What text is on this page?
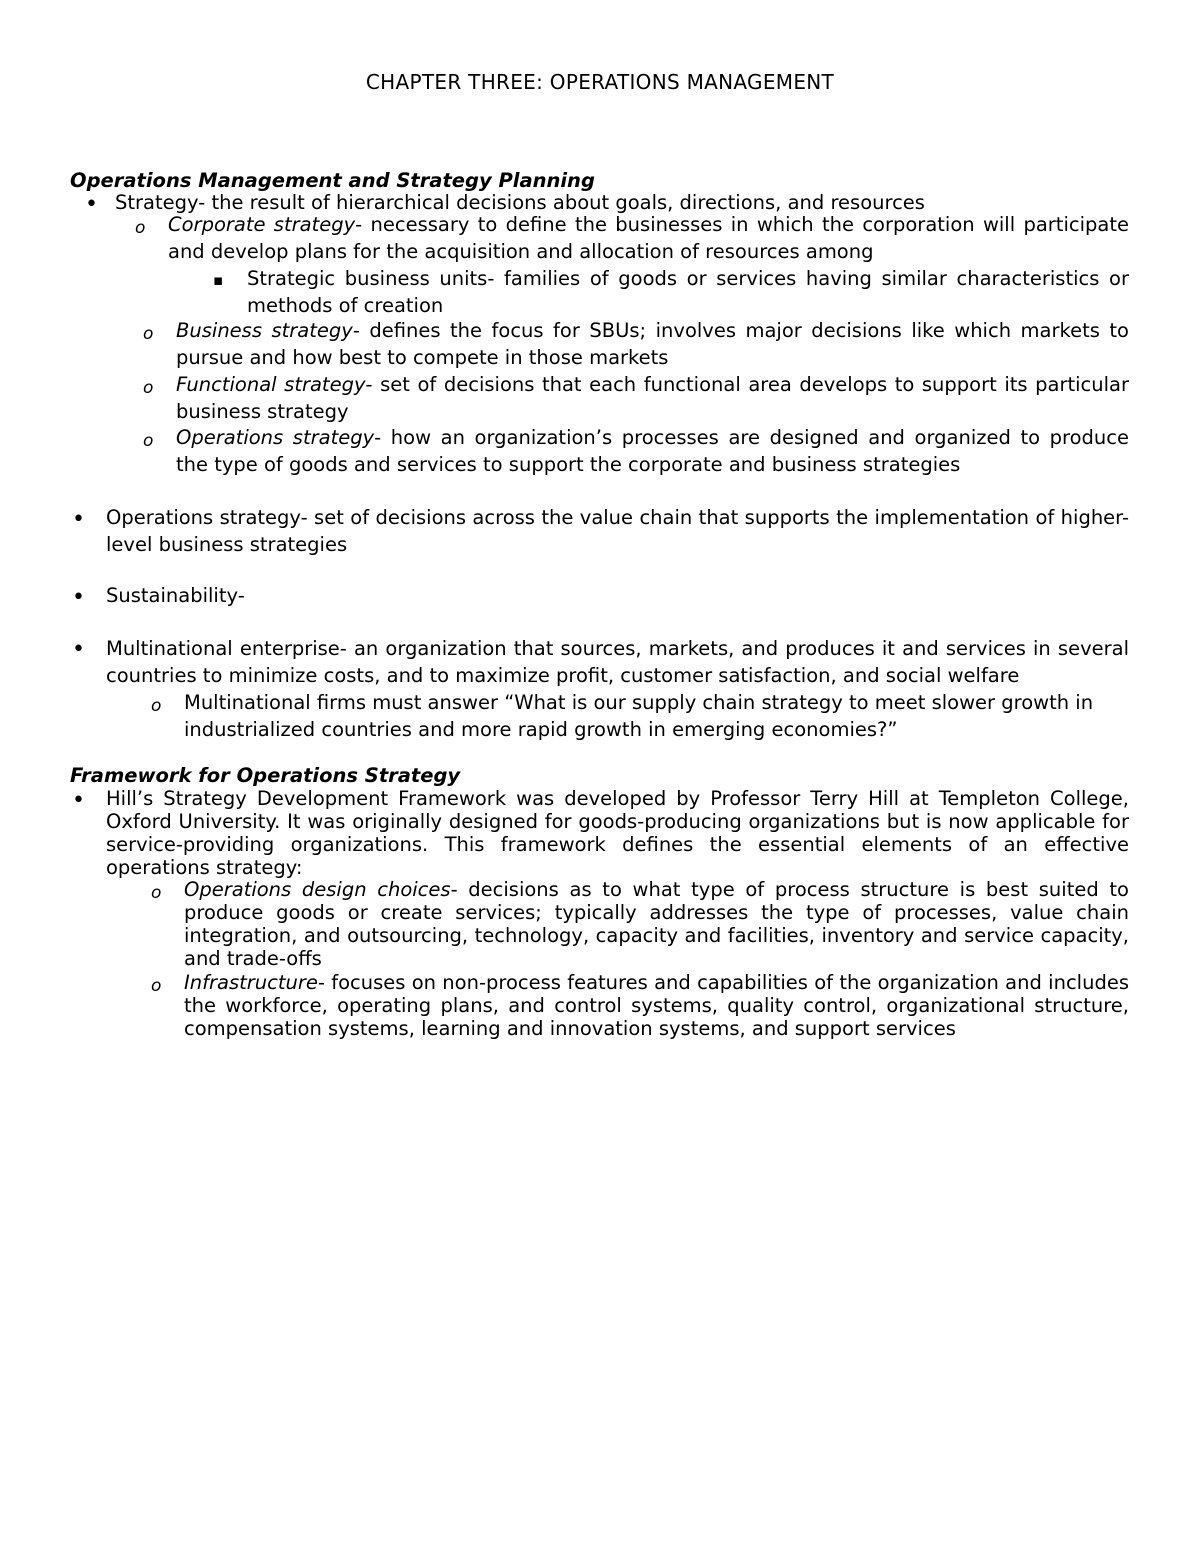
CHAPTER THREE: OPERATIONS MANAGEMENT
Operations Management and Strategy Planning
• Strategy- the result of hierarchical decisions about goals, directions, and resources
o Corporate strategy- necessary to define the businesses in which the corporation will participate and develop plans for the acquisition and allocation of resources among
▪ Strategic business units- families of goods or services having similar characteristics or methods of creation
o Business strategy- defines the focus for SBUs; involves major decisions like which markets to pursue and how best to compete in those markets
o Functional strategy- set of decisions that each functional area develops to support its particular business strategy
o Operations strategy- how an organization’s processes are designed and organized to produce the type of goods and services to support the corporate and business strategies
• Operations strategy- set of decisions across the value chain that supports the implementation of higher-level business strategies
• Sustainability-
• Multinational enterprise- an organization that sources, markets, and produces it and services in several countries to minimize costs, and to maximize profit, customer satisfaction, and social welfare
o Multinational firms must answer “What is our supply chain strategy to meet slower growth in industrialized countries and more rapid growth in emerging economies?”
Framework for Operations Strategy
• Hill’s Strategy Development Framework was developed by Professor Terry Hill at Templeton College, Oxford University. It was originally designed for goods-producing organizations but is now applicable for service-providing organizations. This framework defines the essential elements of an effective operations strategy:
o Operations design choices- decisions as to what type of process structure is best suited to produce goods or create services; typically addresses the type of processes, value chain integration, and outsourcing, technology, capacity and facilities, inventory and service capacity, and trade-offs
o Infrastructure- focuses on non-process features and capabilities of the organization and includes the workforce, operating plans, and control systems, quality control, organizational structure, compensation systems, learning and innovation systems, and support services
